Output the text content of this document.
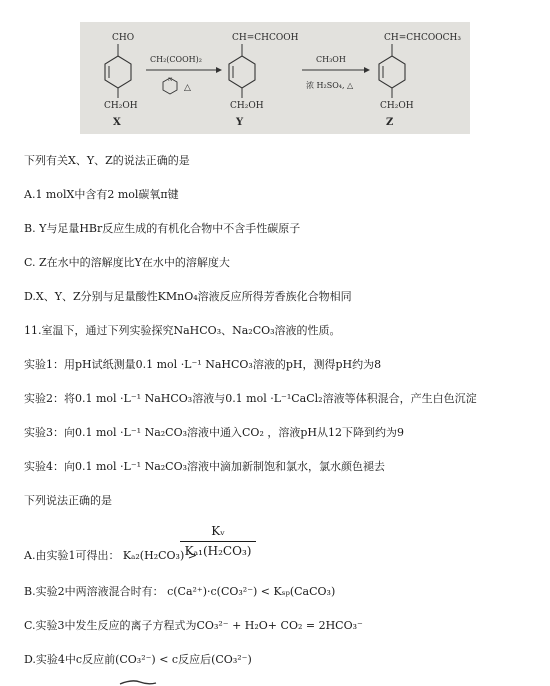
CHO
CH₂OH
X
CH₂(COOH)₂
N
△
CH=CHCOOH
CH₂OH
Y
CH₃OH
浓 H₂SO₄, △
CH=CHCOOCH₃
CH₂OH
Z
下列有关X、Y、Z的说法正确的是
A.1 molX中含有2 mol碳氧π键
B. Y与足量HBr反应生成的有机化合物中不含手性碳原子
C. Z在水中的溶解度比Y在水中的溶解度大
D.X、Y、Z分别与足量酸性KMnO₄溶液反应所得芳香族化合物相同
11.室温下，通过下列实验探究NaHCO₃、Na₂CO₃溶液的性质。
实验1：用pH试纸测量0.1 mol ·L⁻¹ NaHCO₃溶液的pH，测得pH约为8
实验2：将0.1 mol ·L⁻¹ NaHCO₃溶液与0.1 mol ·L⁻¹CaCl₂溶液等体积混合，产生白色沉淀
实验3：向0.1 mol ·L⁻¹ Na₂CO₃溶液中通入CO₂ ，溶液pH从12下降到约为9
实验4：向0.1 mol ·L⁻¹ Na₂CO₃溶液中滴加新制饱和氯水，氯水颜色褪去
下列说法正确的是
A.由实验1可得出： Kₐ₂(H₂CO₃) >
Kᵥ
Kₐ₁(H₂CO₃)
B.实验2中两溶液混合时有： c(Ca²⁺)·c(CO₃²⁻) < Kₛₚ(CaCO₃)
C.实验3中发生反应的离子方程式为CO₃²⁻ + H₂O+ CO₂ = 2HCO₃⁻
D.实验4中c反应前(CO₃²⁻) < c反应后(CO₃²⁻)
